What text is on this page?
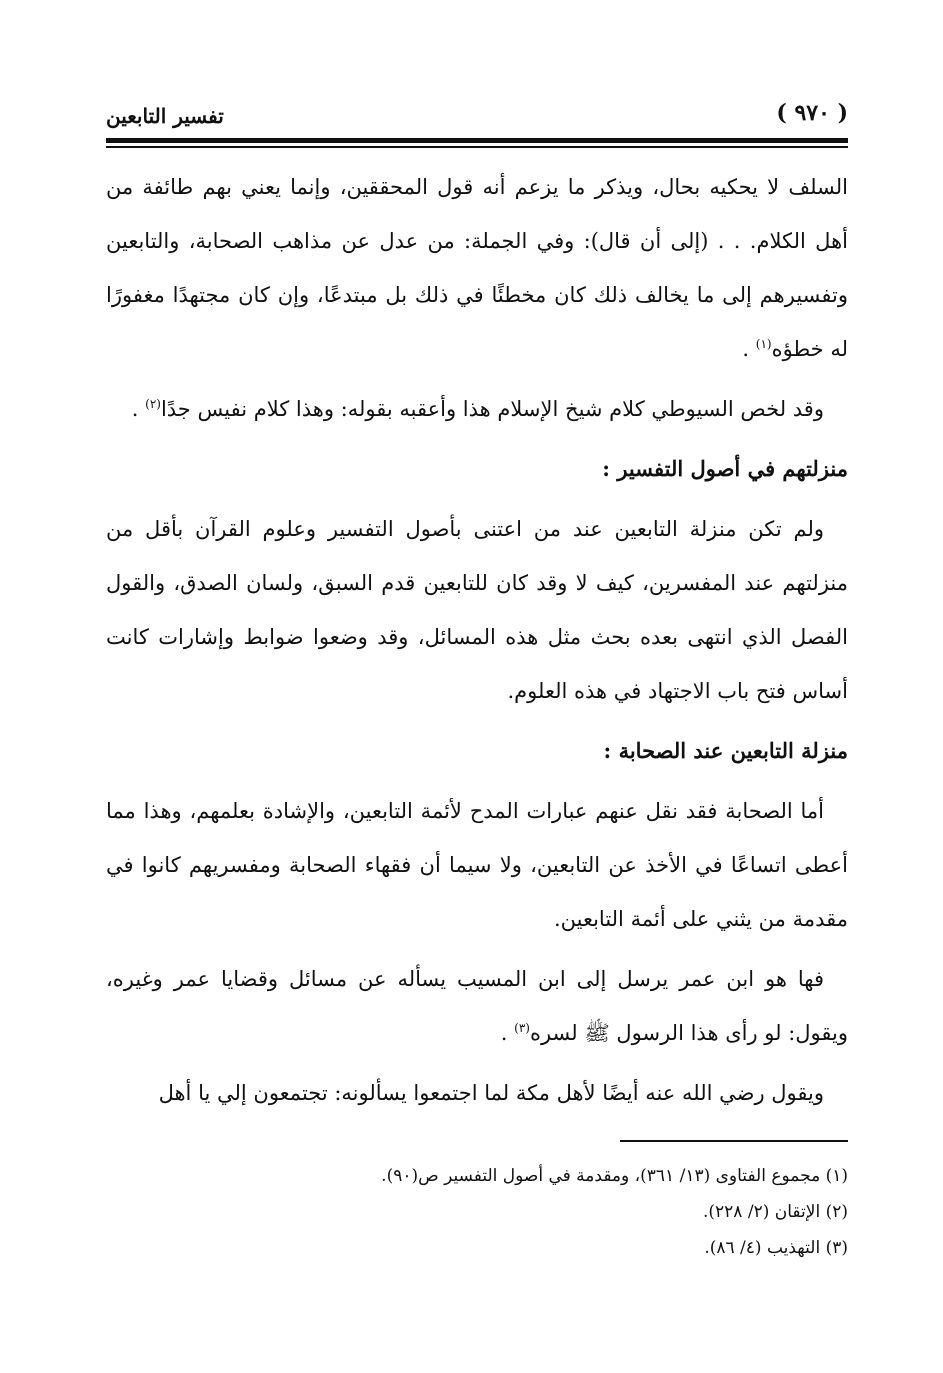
( ٩٧٠ )
تفسير التابعين

السلف لا يحكيه بحال، ويذكر ما يزعم أنه قول المحققين، وإنما يعني بهم طائفة من أهل الكلام. . . (إلى أن قال): وفي الجملة: من عدل عن مذاهب الصحابة، والتابعين وتفسيرهم إلى ما يخالف ذلك كان مخطئًا في ذلك بل مبتدعًا، وإن كان مجتهدًا مغفورًا له خطؤه$^{(١)}$ .

وقد لخص السيوطي كلام شيخ الإسلام هذا وأعقبه بقوله: وهذا كلام نفيس جدًا$^{(٢)}$ .

منزلتهم في أصول التفسير :

ولم تكن منزلة التابعين عند من اعتنى بأصول التفسير وعلوم القرآن بأقل من منزلتهم عند المفسرين، كيف لا وقد كان للتابعين قدم السبق، ولسان الصدق، والقول الفصل الذي انتهى بعده بحث مثل هذه المسائل، وقد وضعوا ضوابط وإشارات كانت أساس فتح باب الاجتهاد في هذه العلوم.

منزلة التابعين عند الصحابة :

أما الصحابة فقد نقل عنهم عبارات المدح لأئمة التابعين، والإشادة بعلمهم، وهذا مما أعطى اتساعًا في الأخذ عن التابعين، ولا سيما أن فقهاء الصحابة ومفسريهم كانوا في مقدمة من يثني على أئمة التابعين.

فها هو ابن عمر يرسل إلى ابن المسيب يسأله عن مسائل وقضايا عمر وغيره، ويقول: لو رأى هذا الرسول ﷺ لسره$^{(٣)}$ .

ويقول رضي الله عنه أيضًا لأهل مكة لما اجتمعوا يسألونه: تجتمعون إلي يا أهل

(١) مجموع الفتاوى (١٣/ ٣٦١)، ومقدمة في أصول التفسير ص(٩٠).
(٢) الإتقان (٢/ ٢٢٨).
(٣) التهذيب (٤/ ٨٦).
